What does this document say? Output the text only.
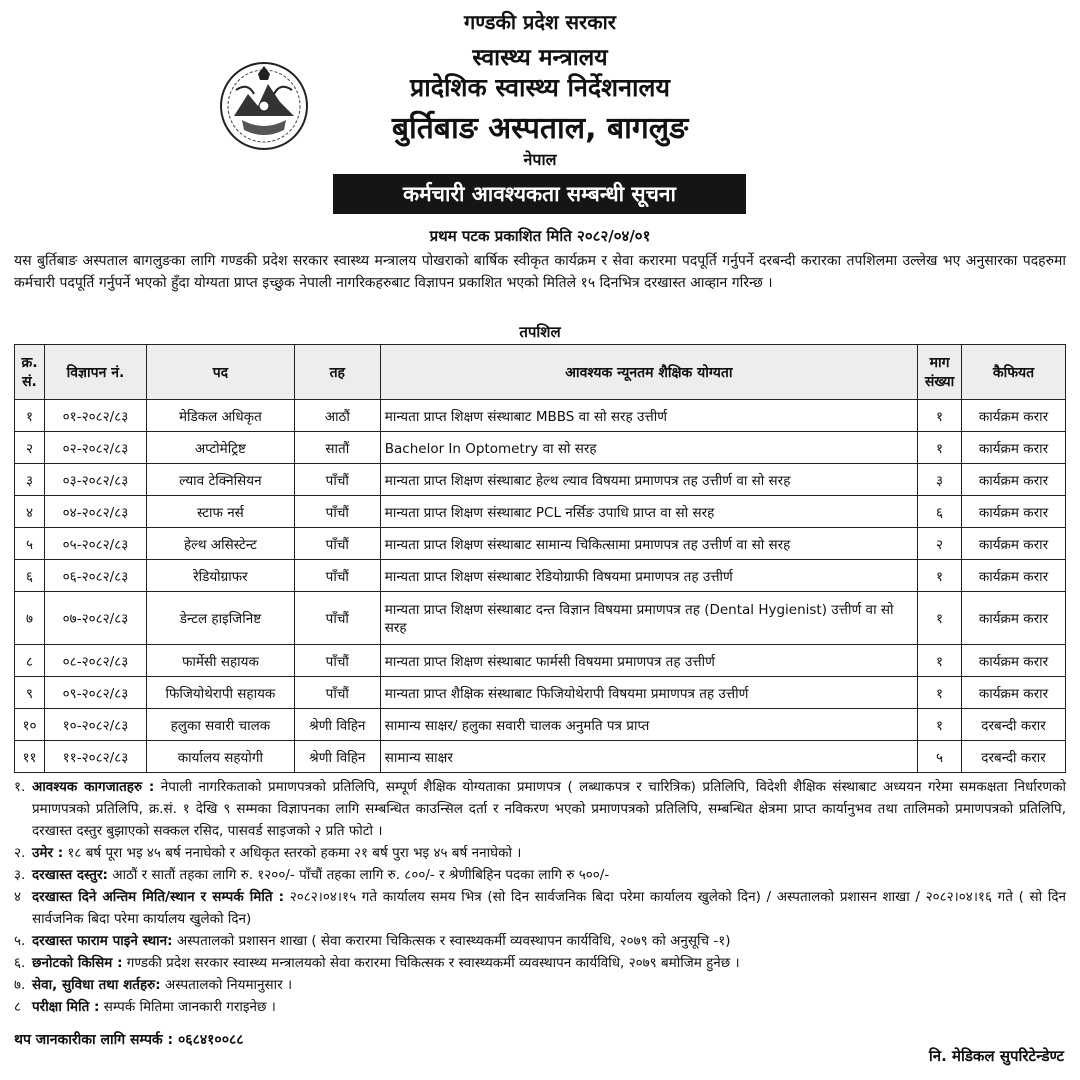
गण्डकी प्रदेश सरकार
स्वास्थ्य मन्त्रालय
प्रादेशिक स्वास्थ्य निर्देशनालय
बुर्तिबाङ अस्पताल, बागलुङ
नेपाल
कर्मचारी आवश्यकता सम्बन्धी सूचना
प्रथम पटक प्रकाशित मिति २०८२/०४/०१
यस बुर्तिबाङ अस्पताल बागलुङका लागि गण्डकी प्रदेश सरकार स्वास्थ्य मन्त्रालय पोखराको बार्षिक स्वीकृत कार्यक्रम र सेवा करारमा पदपूर्ति गर्नुपर्ने दरबन्दी करारका तपशिलमा उल्लेख भए अनुसारका पदहरुमा कर्मचारी पदपूर्ति गर्नुपर्ने भएको हुँदा योग्यता प्राप्त इच्छुक नेपाली नागरिकहरुबाट विज्ञापन प्रकाशित भएको मितिले १५ दिनभित्र दरखास्त आव्हान गरिन्छ ।
तपशिल
क्र. सं.	विज्ञापन नं.	पद	तह	आवश्यक न्यूनतम शैक्षिक योग्यता	माग संख्या	कैफियत
१	०१-२०८२/८३	मेडिकल अधिकृत	आठौं	मान्यता प्राप्त शिक्षण संस्थाबाट MBBS वा सो सरह उत्तीर्ण	१	कार्यक्रम करार
२	०२-२०८२/८३	अप्टोमेट्रिष्ट	सातौं	Bachelor In Optometry वा सो सरह	१	कार्यक्रम करार
३	०३-२०८२/८३	ल्याव टेक्निसियन	पाँचौं	मान्यता प्राप्त शिक्षण संस्थाबाट हेल्थ ल्याव विषयमा प्रमाणपत्र तह उत्तीर्ण वा सो सरह	३	कार्यक्रम करार
४	०४-२०८२/८३	स्टाफ नर्स	पाँचौं	मान्यता प्राप्त शिक्षण संस्थाबाट PCL नर्सिङ उपाधि प्राप्त वा सो सरह	६	कार्यक्रम करार
५	०५-२०८२/८३	हेल्थ असिस्टेन्ट	पाँचौं	मान्यता प्राप्त शिक्षण संस्थाबाट सामान्य चिकित्सामा प्रमाणपत्र तह उत्तीर्ण वा सो सरह	२	कार्यक्रम करार
६	०६-२०८२/८३	रेडियोग्राफर	पाँचौं	मान्यता प्राप्त शिक्षण संस्थाबाट रेडियोग्राफी विषयमा प्रमाणपत्र तह उत्तीर्ण	१	कार्यक्रम करार
७	०७-२०८२/८३	डेन्टल हाइजिनिष्ट	पाँचौं	मान्यता प्राप्त शिक्षण संस्थाबाट दन्त विज्ञान विषयमा प्रमाणपत्र तह (Dental Hygienist) उत्तीर्ण वा सो सरह	१	कार्यक्रम करार
८	०८-२०८२/८३	फार्मेसी सहायक	पाँचौं	मान्यता प्राप्त शिक्षण संस्थाबाट फार्मसी विषयमा प्रमाणपत्र तह उत्तीर्ण	१	कार्यक्रम करार
९	०९-२०८२/८३	फिजियोथेरापी सहायक	पाँचौं	मान्यता प्राप्त शैक्षिक संस्थाबाट फिजियोथेरापी विषयमा प्रमाणपत्र तह उत्तीर्ण	१	कार्यक्रम करार
१०	१०-२०८२/८३	हलुका सवारी चालक	श्रेणी विहिन	सामान्य साक्षर/ हलुका सवारी चालक अनुमति पत्र प्राप्त	१	दरबन्दी करार
११	११-२०८२/८३	कार्यालय सहयोगी	श्रेणी विहिन	सामान्य साक्षर	५	दरबन्दी करार
१. आवश्यक कागजातहरु : नेपाली नागरिकताको प्रमाणपत्रको प्रतिलिपि, सम्पूर्ण शैक्षिक योग्यताका प्रमाणपत्र ( लब्धाकपत्र र चारित्रिक) प्रतिलिपि, विदेशी शैक्षिक संस्थाबाट अध्ययन गरेमा समकक्षता निर्धारणको प्रमाणपत्रको प्रतिलिपि, क्र.सं. १ देखि ९ सम्मका विज्ञापनका लागि सम्बन्धित काउन्सिल दर्ता र नविकरण भएको प्रमाणपत्रको प्रतिलिपि, सम्बन्धित क्षेत्रमा प्राप्त कार्यानुभव तथा तालिमको प्रमाणपत्रको प्रतिलिपि, दरखास्त दस्तुर बुझाएको सक्कल रसिद, पासवर्ड साइजको २ प्रति फोटो ।
२. उमेर : १८ बर्ष पूरा भइ ४५ बर्ष ननाघेको र अधिकृत स्तरको हकमा २१ बर्ष पुरा भइ ४५ बर्ष ननाघेको ।
३. दरखास्त दस्तुर: आठौं र सातौं तहका लागि रु. १२००/- पाँचौं तहका लागि रु. ८००/- र श्रेणीबिहिन पदका लागि रु ५००/-
४ दरखास्त दिने अन्तिम मिति/स्थान र सम्पर्क मिति : २०८२।०४।१५ गते कार्यालय समय भित्र (सो दिन सार्वजनिक बिदा परेमा कार्यालय खुलेको दिन) / अस्पतालको प्रशासन शाखा / २०८२।०४।१६ गते ( सो दिन सार्वजनिक बिदा परेमा कार्यालय खुलेको दिन)
५. दरखास्त फाराम पाइने स्थान: अस्पतालको प्रशासन शाखा ( सेवा करारमा चिकित्सक र स्वास्थ्यकर्मी व्यवस्थापन कार्यविधि, २०७९ को अनुसूचि -१)
६. छनोटको किसिम : गण्डकी प्रदेश सरकार स्वास्थ्य मन्त्रालयको सेवा करारमा चिकित्सक र स्वास्थ्यकर्मी व्यवस्थापन कार्यविधि, २०७९ बमोजिम हुनेछ ।
७. सेवा, सुविधा तथा शर्तहरु: अस्पतालको नियमानुसार ।
८ परीक्षा मिति : सम्पर्क मितिमा जानकारी गराइनेछ ।
थप जानकारीका लागि सम्पर्क : ०६८४१००८८
नि. मेडिकल सुपरिटेन्डेण्ट
